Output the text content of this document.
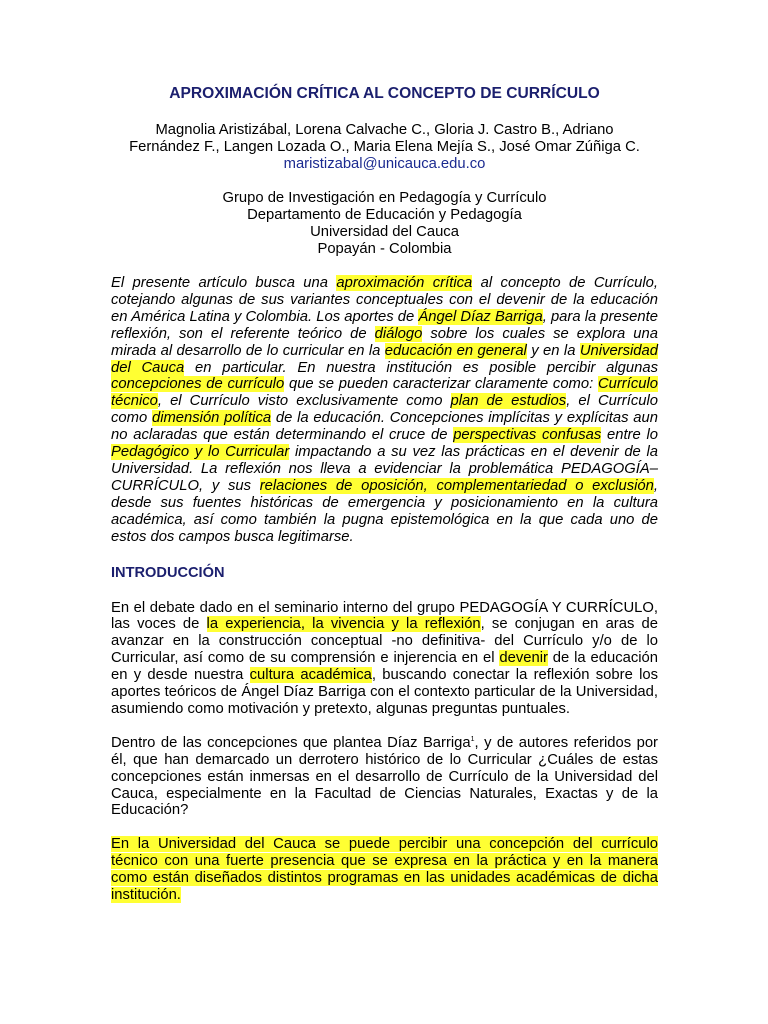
APROXIMACIÓN CRÍTICA AL CONCEPTO DE CURRÍCULO
Magnolia Aristizábal, Lorena Calvache C., Gloria J. Castro B., Adriano
Fernández F., Langen Lozada O., Maria Elena Mejía S., José Omar Zúñiga C.
maristizabal@unicauca.edu.co
Grupo de Investigación en Pedagogía y Currículo
Departamento de Educación y Pedagogía
Universidad del Cauca
Popayán - Colombia

El presente artículo busca una aproximación crítica al concepto de Currículo, cotejando algunas de sus variantes conceptuales con el devenir de la educación en América Latina y Colombia. Los aportes de Ángel Díaz Barriga, para la presente reflexión, son el referente teórico de diálogo sobre los cuales se explora una mirada al desarrollo de lo curricular en la educación en general y en la Universidad del Cauca en particular. En nuestra institución es posible percibir algunas concepciones de currículo que se pueden caracterizar claramente como: Currículo técnico, el Currículo visto exclusivamente como plan de estudios, el Currículo como dimensión política de la educación. Concepciones implícitas y explícitas aun no aclaradas que están determinando el cruce de perspectivas confusas entre lo Pedagógico y lo Curricular impactando a su vez las prácticas en el devenir de la Universidad. La reflexión nos lleva a evidenciar la problemática PEDAGOGÍA–CURRÍCULO, y sus relaciones de oposición, complementariedad o exclusión, desde sus fuentes históricas de emergencia y posicionamiento en la cultura académica, así como también la pugna epistemológica en la que cada uno de estos dos campos busca legitimarse.

INTRODUCCIÓN

En el debate dado en el seminario interno del grupo PEDAGOGÍA Y CURRÍCULO, las voces de la experiencia, la vivencia y la reflexión, se conjugan en aras de avanzar en la construcción conceptual -no definitiva- del Currículo y/o de lo Curricular, así como de su comprensión e injerencia en el devenir de la educación en y desde nuestra cultura académica, buscando conectar la reflexión sobre los aportes teóricos de Ángel Díaz Barriga con el contexto particular de la Universidad, asumiendo como motivación y pretexto, algunas preguntas puntuales.

Dentro de las concepciones que plantea Díaz Barriga$^1$, y de autores referidos por él, que han demarcado un derrotero histórico de lo Curricular ¿Cuáles de estas concepciones están inmersas en el desarrollo de Currículo de la Universidad del Cauca, especialmente en la Facultad de Ciencias Naturales, Exactas y de la Educación?

En la Universidad del Cauca se puede percibir una concepción del currículo técnico con una fuerte presencia que se expresa en la práctica y en la manera como están diseñados distintos programas en las unidades académicas de dicha institución.
